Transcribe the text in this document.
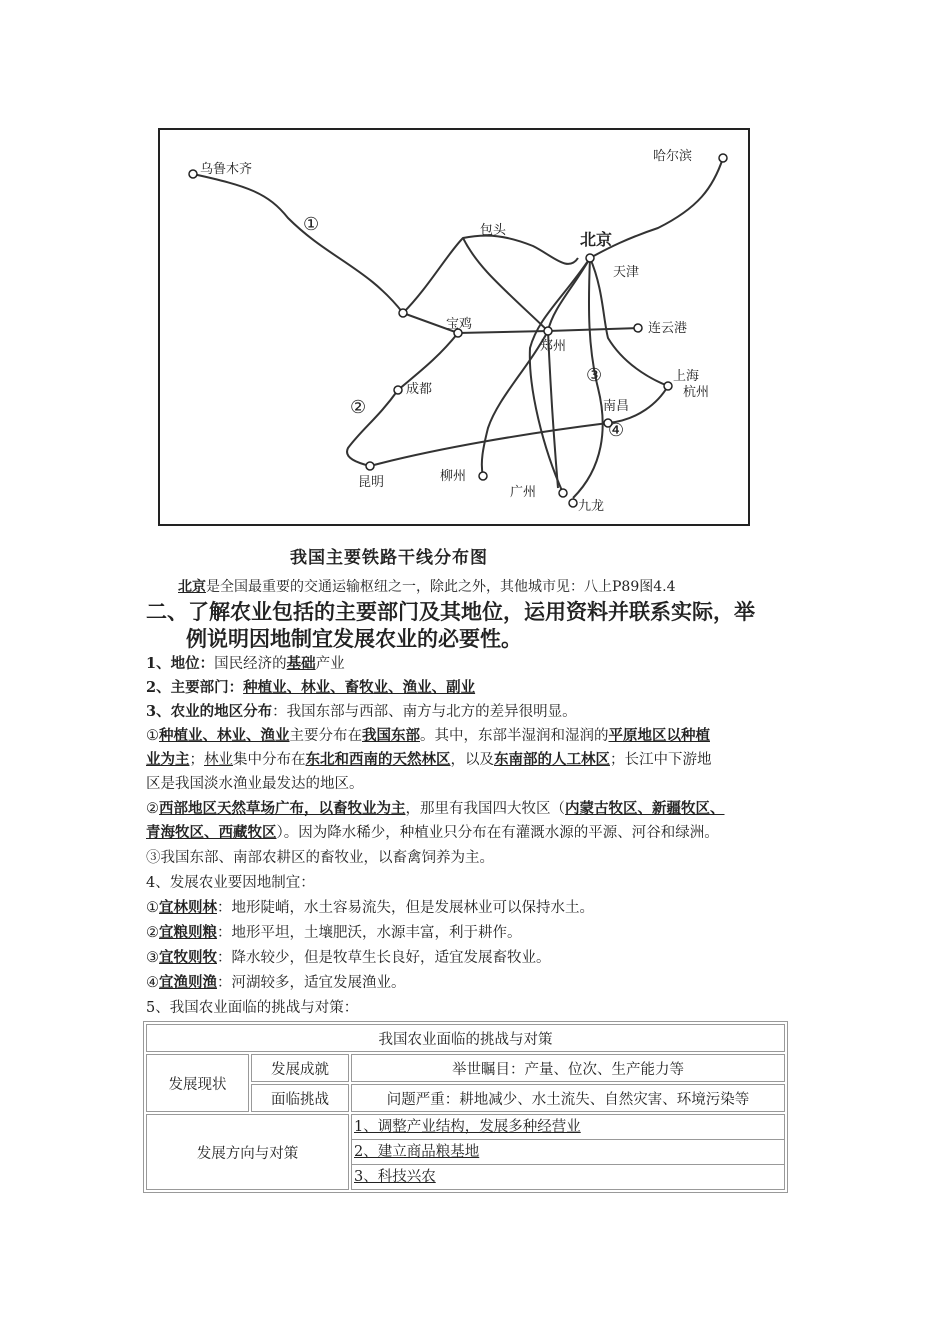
乌鲁木齐
哈尔滨
包头	北京
天津
宝鸡	连云港
郑州
上海
杭州
成都
南昌
昆明	柳州
广州
九龙
①
②
③
④
我国主要铁路干线分布图
北京是全国最重要的交通运输枢纽之一，除此之外，其他城市见：八上P89图4.4
二、了解农业包括的主要部门及其地位，运用资料并联系实际，举
例说明因地制宜发展农业的必要性。
1、地位：国民经济的基础产业
2、主要部门：种植业、林业、畜牧业、渔业、副业
3、农业的地区分布：我国东部与西部、南方与北方的差异很明显。
①种植业、林业、渔业主要分布在我国东部。其中，东部半湿润和湿润的平原地区以种植
业为主；林业集中分布在东北和西南的天然林区，以及东南部的人工林区；长江中下游地
区是我国淡水渔业最发达的地区。
②西部地区天然草场广布，以畜牧业为主，那里有我国四大牧区（内蒙古牧区、新疆牧区、
青海牧区、西藏牧区）。因为降水稀少，种植业只分布在有灌溉水源的平源、河谷和绿洲。
③我国东部、南部农耕区的畜牧业，以畜禽饲养为主。
4、发展农业要因地制宜：
①宜林则林：地形陡峭，水土容易流失，但是发展林业可以保持水土。
②宜粮则粮：地形平坦，土壤肥沃，水源丰富，利于耕作。
③宜牧则牧：降水较少，但是牧草生长良好，适宜发展畜牧业。
④宜渔则渔：河湖较多，适宜发展渔业。
5、我国农业面临的挑战与对策：
我国农业面临的挑战与对策		
发展现状	发展成就	举世瞩目：产量、位次、生产能力等
	面临挑战	问题严重：耕地减少、水土流失、自然灾害、环境污染等
发展方向与对策		1、调整产业结构，发展多种经营业
2、建立商品粮基地
3、科技兴农
